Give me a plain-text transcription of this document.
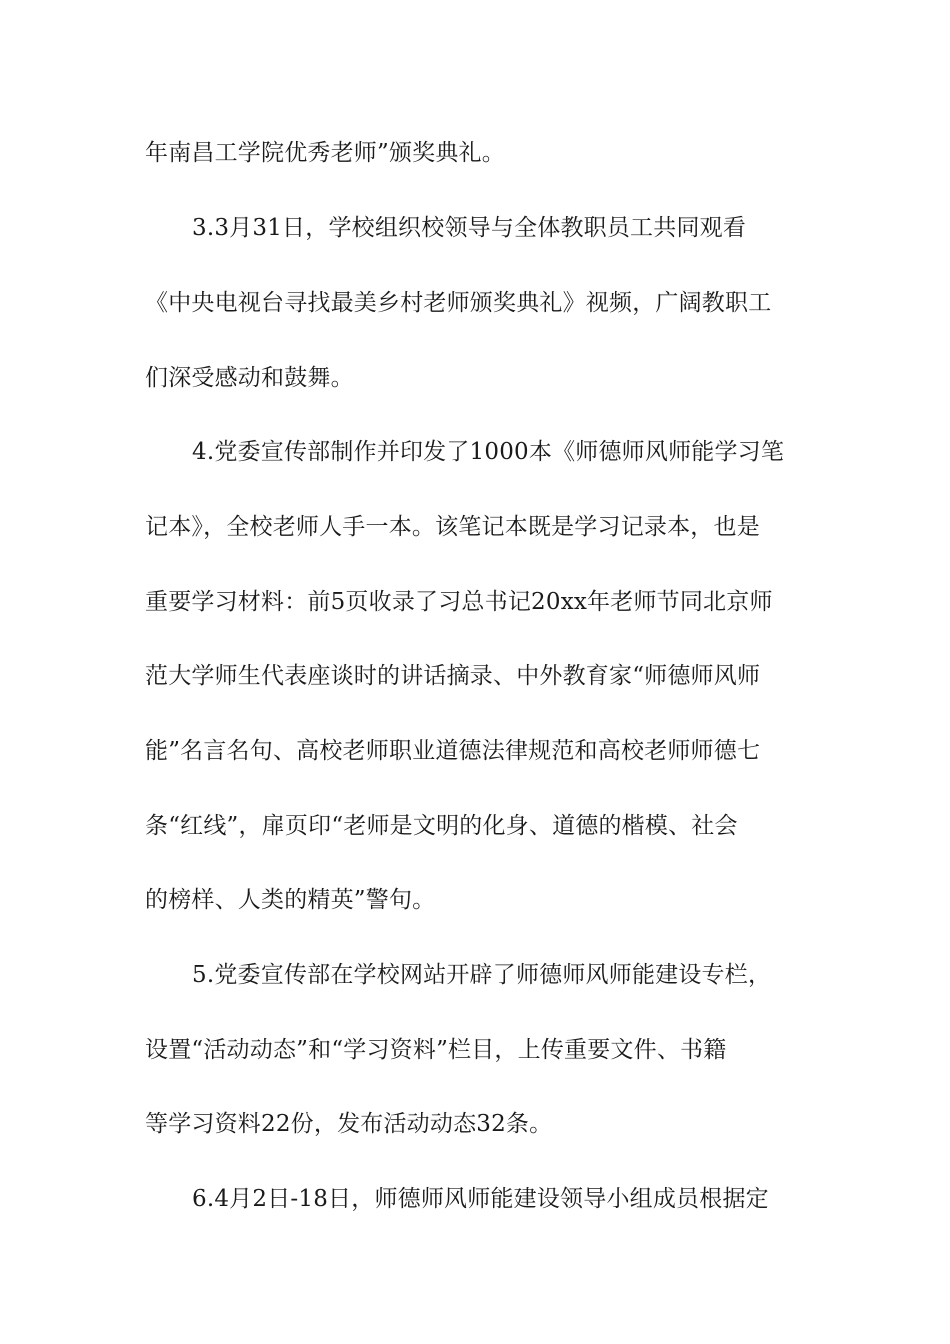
年南昌工学院优秀老师”颁奖典礼。
3.3月31日，学校组织校领导与全体教职员工共同观看
《中央电视台寻找最美乡村老师颁奖典礼》视频，广阔教职工
们深受感动和鼓舞。
4.党委宣传部制作并印发了1000本《师德师风师能学习笔
记本》，全校老师人手一本。该笔记本既是学习记录本，也是
重要学习材料：前5页收录了习总书记20xx年老师节同北京师
范大学师生代表座谈时的讲话摘录、中外教育家“师德师风师
能”名言名句、高校老师职业道德法律规范和高校老师师德七
条“红线”，扉页印“老师是文明的化身、道德的楷模、社会
的榜样、人类的精英”警句。
5.党委宣传部在学校网站开辟了师德师风师能建设专栏，
设置“活动动态”和“学习资料”栏目，上传重要文件、书籍
等学习资料22份，发布活动动态32条。
6.4月2日-18日，师德师风师能建设领导小组成员根据定
